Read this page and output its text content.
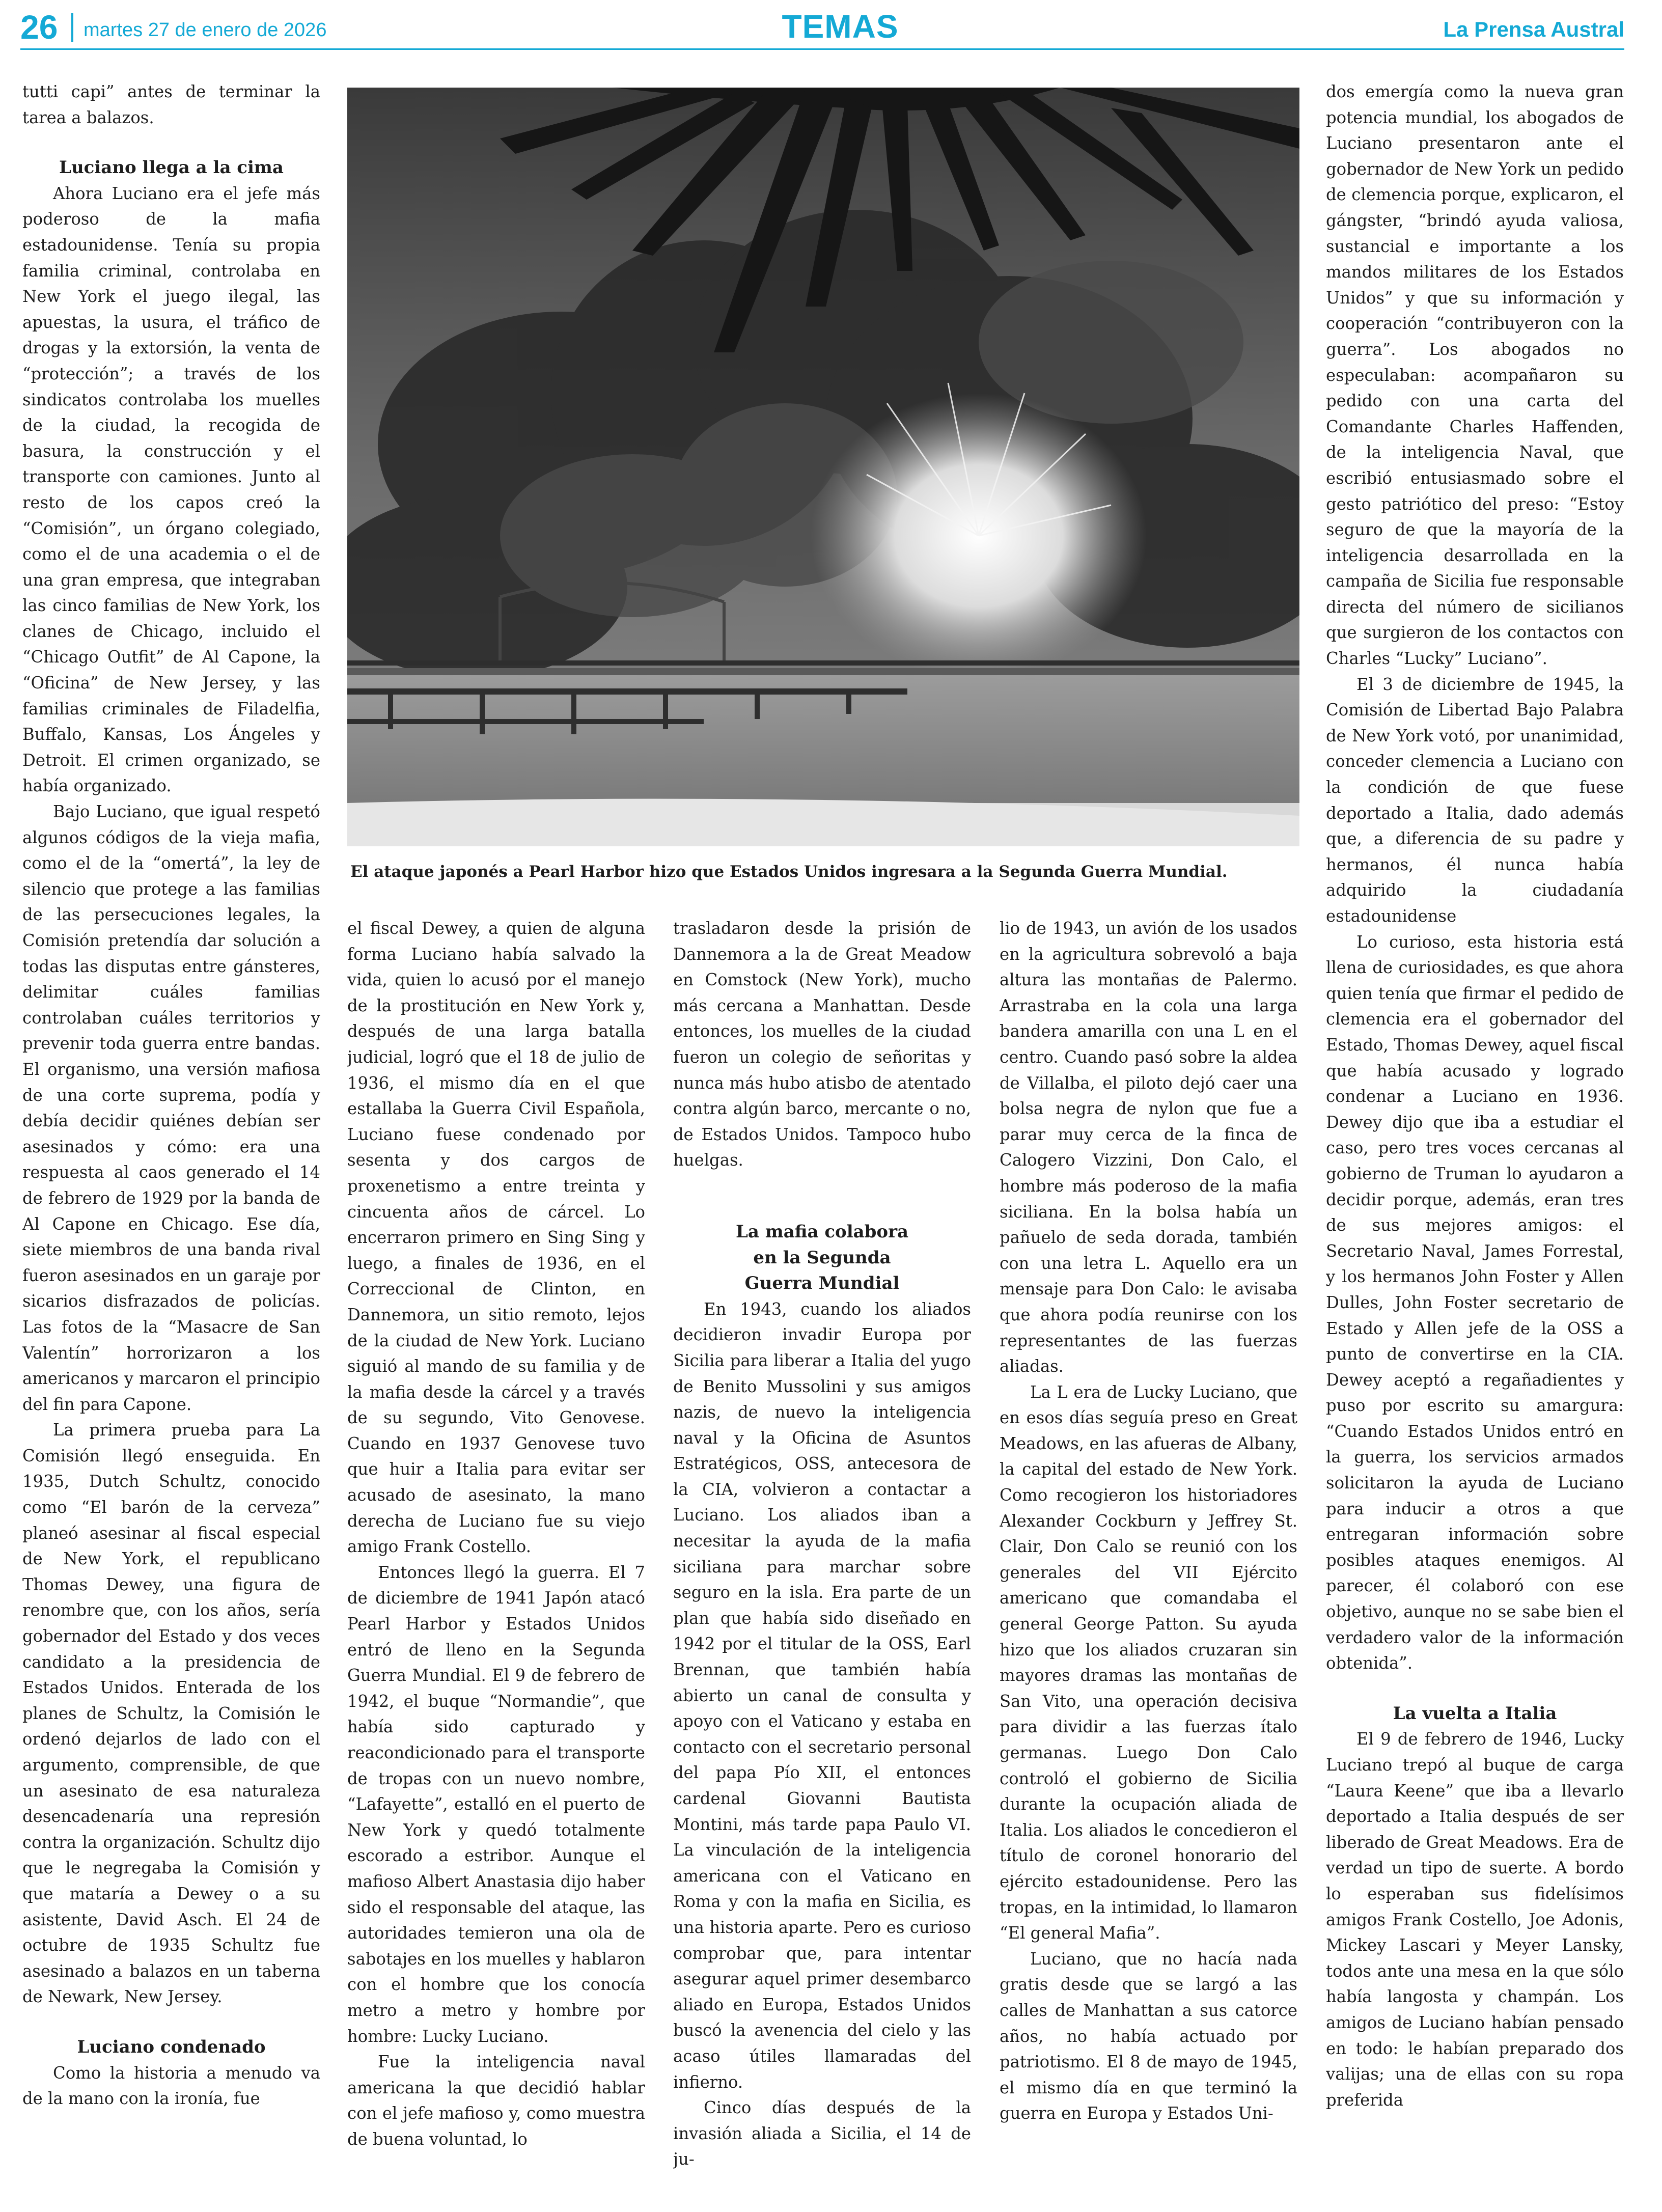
26 martes 27 de enero de 2026	TEMAS	La Prensa Austral

tutti capi” antes de terminar la tarea a balazos.

Luciano llega a la cima

Ahora Luciano era el jefe más poderoso de la mafia estadounidense. Tenía su propia familia criminal, controlaba en New York el juego ilegal, las apuestas, la usura, el tráfico de drogas y la extorsión, la venta de “protección”; a través de los sindicatos controlaba los muelles de la ciudad, la recogida de basura, la construcción y el transporte con camiones. Junto al resto de los capos creó la “Comisión”, un órgano colegiado, como el de una academia o el de una gran empresa, que integraban las cinco familias de New York, los clanes de Chicago, incluido el “Chicago Outfit” de Al Capone, la “Oficina” de New Jersey, y las familias criminales de Filadelfia, Buffalo, Kansas, Los Ángeles y Detroit. El crimen organizado, se había organizado.

Bajo Luciano, que igual respetó algunos códigos de la vieja mafia, como el de la “omertá”, la ley de silencio que protege a las familias de las persecuciones legales, la Comisión pretendía dar solución a todas las disputas entre gánsteres, delimitar cuáles familias controlaban cuáles territorios y prevenir toda guerra entre bandas. El organismo, una versión mafiosa de una corte suprema, podía y debía decidir quiénes debían ser asesinados y cómo: era una respuesta al caos generado el 14 de febrero de 1929 por la banda de Al Capone en Chicago. Ese día, siete miembros de una banda rival fueron asesinados en un garaje por sicarios disfrazados de policías. Las fotos de la “Masacre de San Valentín” horrorizaron a los americanos y marcaron el principio del fin para Capone.

La primera prueba para La Comisión llegó enseguida. En 1935, Dutch Schultz, conocido como “El barón de la cerveza” planeó asesinar al fiscal especial de New York, el republicano Thomas Dewey, una figura de renombre que, con los años, sería gobernador del Estado y dos veces candidato a la presidencia de Estados Unidos. Enterada de los planes de Schultz, la Comisión le ordenó dejarlos de lado con el argumento, comprensible, de que un asesinato de esa naturaleza desencadenaría una represión contra la organización. Schultz dijo que le negregaba la Comisión y que mataría a Dewey o a su asistente, David Asch. El 24 de octubre de 1935 Schultz fue asesinado a balazos en un taberna de Newark, New Jersey.

Luciano condenado

Como la historia a menudo va de la mano con la ironía, fue

El ataque japonés a Pearl Harbor hizo que Estados Unidos ingresara a la Segunda Guerra Mundial.

el fiscal Dewey, a quien de alguna forma Luciano había salvado la vida, quien lo acusó por el manejo de la prostitución en New York y, después de una larga batalla judicial, logró que el 18 de julio de 1936, el mismo día en el que estallaba la Guerra Civil Española, Luciano fuese condenado por sesenta y dos cargos de proxenetismo a entre treinta y cincuenta años de cárcel. Lo encerraron primero en Sing Sing y luego, a finales de 1936, en el Correccional de Clinton, en Dannemora, un sitio remoto, lejos de la ciudad de New York. Luciano siguió al mando de su familia y de la mafia desde la cárcel y a través de su segundo, Vito Genovese. Cuando en 1937 Genovese tuvo que huir a Italia para evitar ser acusado de asesinato, la mano derecha de Luciano fue su viejo amigo Frank Costello.

Entonces llegó la guerra. El 7 de diciembre de 1941 Japón atacó Pearl Harbor y Estados Unidos entró de lleno en la Segunda Guerra Mundial. El 9 de febrero de 1942, el buque “Normandie”, que había sido capturado y reacondicionado para el transporte de tropas con un nuevo nombre, “Lafayette”, estalló en el puerto de New York y quedó totalmente escorado a estribor. Aunque el mafioso Albert Anastasia dijo haber sido el responsable del ataque, las autoridades temieron una ola de sabotajes en los muelles y hablaron con el hombre que los conocía metro a metro y hombre por hombre: Lucky Luciano.

Fue la inteligencia naval americana la que decidió hablar con el jefe mafioso y, como muestra de buena voluntad, lo

trasladaron desde la prisión de Dannemora a la de Great Meadow en Comstock (New York), mucho más cercana a Manhattan. Desde entonces, los muelles de la ciudad fueron un colegio de señoritas y nunca más hubo atisbo de atentado contra algún barco, mercante o no, de Estados Unidos. Tampoco hubo huelgas.

La mafia colabora
en la Segunda
Guerra Mundial

En 1943, cuando los aliados decidieron invadir Europa por Sicilia para liberar a Italia del yugo de Benito Mussolini y sus amigos nazis, de nuevo la inteligencia naval y la Oficina de Asuntos Estratégicos, OSS, antecesora de la CIA, volvieron a contactar a Luciano. Los aliados iban a necesitar la ayuda de la mafia siciliana para marchar sobre seguro en la isla. Era parte de un plan que había sido diseñado en 1942 por el titular de la OSS, Earl Brennan, que también había abierto un canal de consulta y apoyo con el Vaticano y estaba en contacto con el secretario personal del papa Pío XII, el entonces cardenal Giovanni Bautista Montini, más tarde papa Paulo VI. La vinculación de la inteligencia americana con el Vaticano en Roma y con la mafia en Sicilia, es una historia aparte. Pero es curioso comprobar que, para intentar asegurar aquel primer desembarco aliado en Europa, Estados Unidos buscó la avenencia del cielo y las acaso útiles llamaradas del infierno.

Cinco días después de la invasión aliada a Sicilia, el 14 de ju-

lio de 1943, un avión de los usados en la agricultura sobrevoló a baja altura las montañas de Palermo. Arrastraba en la cola una larga bandera amarilla con una L en el centro. Cuando pasó sobre la aldea de Villalba, el piloto dejó caer una bolsa negra de nylon que fue a parar muy cerca de la finca de Calogero Vizzini, Don Calo, el hombre más poderoso de la mafia siciliana. En la bolsa había un pañuelo de seda dorada, también con una letra L. Aquello era un mensaje para Don Calo: le avisaba que ahora podía reunirse con los representantes de las fuerzas aliadas.

La L era de Lucky Luciano, que en esos días seguía preso en Great Meadows, en las afueras de Albany, la capital del estado de New York. Como recogieron los historiadores Alexander Cockburn y Jeffrey St. Clair, Don Calo se reunió con los generales del VII Ejército americano que comandaba el general George Patton. Su ayuda hizo que los aliados cruzaran sin mayores dramas las montañas de San Vito, una operación decisiva para dividir a las fuerzas ítalo germanas. Luego Don Calo controló el gobierno de Sicilia durante la ocupación aliada de Italia. Los aliados le concedieron el título de coronel honorario del ejército estadounidense. Pero las tropas, en la intimidad, lo llamaron “El general Mafia”.

Luciano, que no hacía nada gratis desde que se largó a las calles de Manhattan a sus catorce años, no había actuado por patriotismo. El 8 de mayo de 1945, el mismo día en que terminó la guerra en Europa y Estados Uni-

dos emergía como la nueva gran potencia mundial, los abogados de Luciano presentaron ante el gobernador de New York un pedido de clemencia porque, explicaron, el gángster, “brindó ayuda valiosa, sustancial e importante a los mandos militares de los Estados Unidos” y que su información y cooperación “contribuyeron con la guerra”. Los abogados no especulaban: acompañaron su pedido con una carta del Comandante Charles Haffenden, de la inteligencia Naval, que escribió entusiasmado sobre el gesto patriótico del preso: “Estoy seguro de que la mayoría de la inteligencia desarrollada en la campaña de Sicilia fue responsable directa del número de sicilianos que surgieron de los contactos con Charles “Lucky” Luciano”.

El 3 de diciembre de 1945, la Comisión de Libertad Bajo Palabra de New York votó, por unanimidad, conceder clemencia a Luciano con la condición de que fuese deportado a Italia, dado además que, a diferencia de su padre y hermanos, él nunca había adquirido la ciudadanía estadounidense

Lo curioso, esta historia está llena de curiosidades, es que ahora quien tenía que firmar el pedido de clemencia era el gobernador del Estado, Thomas Dewey, aquel fiscal que había acusado y logrado condenar a Luciano en 1936. Dewey dijo que iba a estudiar el caso, pero tres voces cercanas al gobierno de Truman lo ayudaron a decidir porque, además, eran tres de sus mejores amigos: el Secretario Naval, James Forrestal, y los hermanos John Foster y Allen Dulles, John Foster secretario de Estado y Allen jefe de la OSS a punto de convertirse en la CIA. Dewey aceptó a regañadientes y puso por escrito su amargura: “Cuando Estados Unidos entró en la guerra, los servicios armados solicitaron la ayuda de Luciano para inducir a otros a que entregaran información sobre posibles ataques enemigos. Al parecer, él colaboró con ese objetivo, aunque no se sabe bien el verdadero valor de la información obtenida”.

La vuelta a Italia

El 9 de febrero de 1946, Lucky Luciano trepó al buque de carga “Laura Keene” que iba a llevarlo deportado a Italia después de ser liberado de Great Meadows. Era de verdad un tipo de suerte. A bordo lo esperaban sus fidelísimos amigos Frank Costello, Joe Adonis, Mickey Lascari y Meyer Lansky, todos ante una mesa en la que sólo había langosta y champán. Los amigos de Luciano habían pensado en todo: le habían preparado dos valijas; una de ellas con su ropa preferida
